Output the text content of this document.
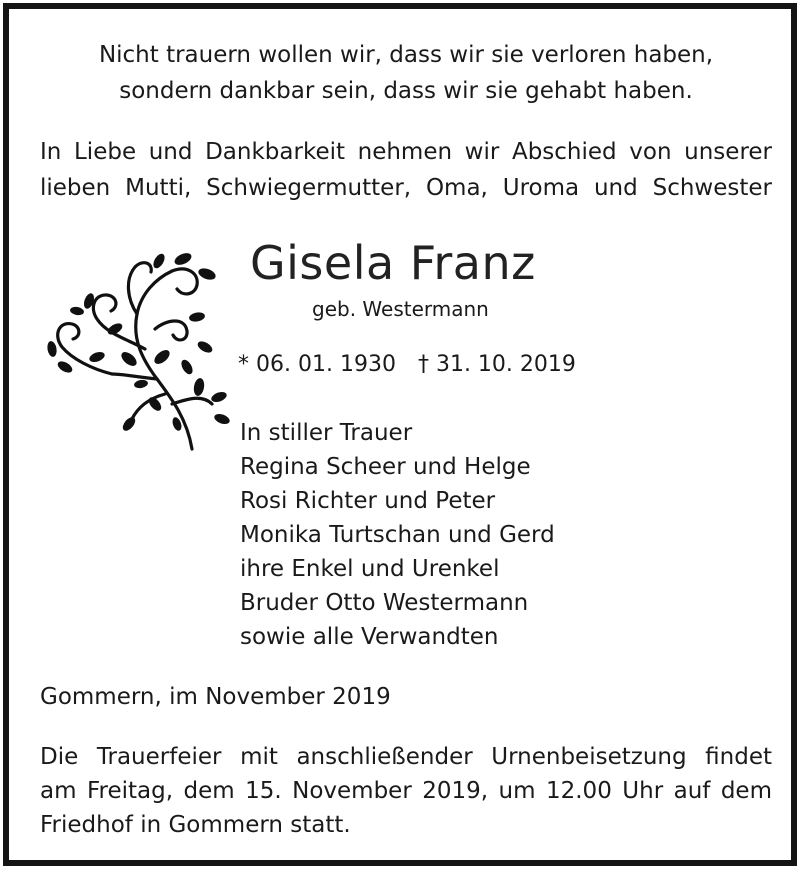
Nicht trauern wollen wir, dass wir sie verloren haben,
sondern dankbar sein, dass wir sie gehabt haben.
In Liebe und Dankbarkeit nehmen wir Abschied von unserer
lieben Mutti, Schwiegermutter, Oma, Uroma und Schwester
Gisela Franz
geb. Westermann
* 06. 01. 1930 † 31. 10. 2019
In stiller Trauer
Regina Scheer und Helge
Rosi Richter und Peter
Monika Turtschan und Gerd
ihre Enkel und Urenkel
Bruder Otto Westermann
sowie alle Verwandten
Gommern, im November 2019
Die Trauerfeier mit anschließender Urnenbeisetzung findet
am Freitag, dem 15. November 2019, um 12.00 Uhr auf dem
Friedhof in Gommern statt.
